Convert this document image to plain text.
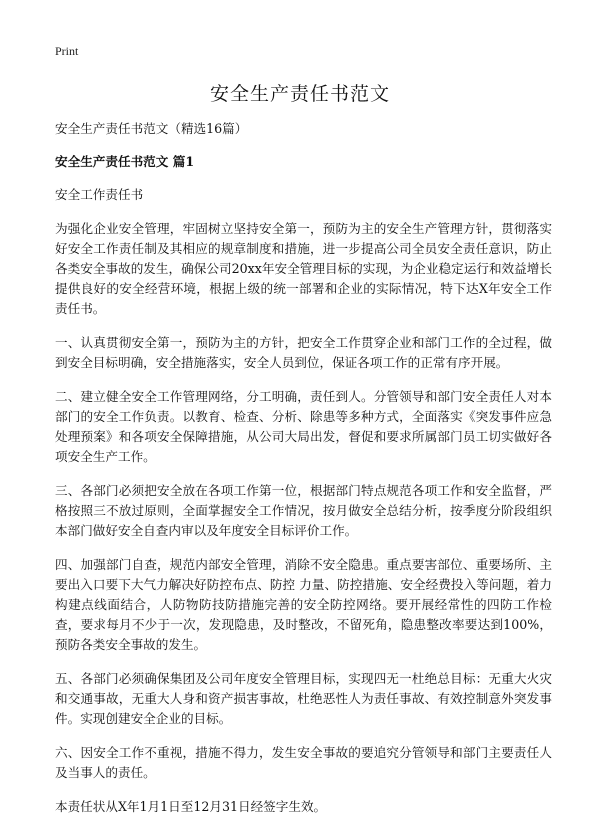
Print
安全生产责任书范文

安全生产责任书范文（精选16篇）

安全生产责任书范文 篇1

安全工作责任书

为强化企业安全管理，牢固树立坚持安全第一，预防为主的安全生产管理方针，贯彻落实好安全工作责任制及其相应的规章制度和措施，进一步提高公司全员安全责任意识，防止各类安全事故的发生，确保公司20xx年安全管理目标的实现，为企业稳定运行和效益增长提供良好的安全经营环境，根据上级的统一部署和企业的实际情况，特下达X年安全工作责任书。

一、认真贯彻安全第一，预防为主的方针，把安全工作贯穿企业和部门工作的全过程，做到安全目标明确，安全措施落实，安全人员到位，保证各项工作的正常有序开展。

二、建立健全安全工作管理网络，分工明确，责任到人。分管领导和部门安全责任人对本部门的安全工作负责。以教育、检查、分析、除患等多种方式，全面落实《突发事件应急处理预案》和各项安全保障措施，从公司大局出发，督促和要求所属部门员工切实做好各项安全生产工作。

三、各部门必须把安全放在各项工作第一位，根据部门特点规范各项工作和安全监督，严格按照三不放过原则，全面掌握安全工作情况，按月做安全总结分析，按季度分阶段组织本部门做好安全自查内审以及年度安全目标评价工作。

四、加强部门自查，规范内部安全管理，消除不安全隐患。重点要害部位、重要场所、主要出入口要下大气力解决好防控布点、防控 力量、防控措施、安全经费投入等问题，着力构建点线面结合，人防物防技防措施完善的安全防控网络。要开展经常性的四防工作检查，要求每月不少于一次，发现隐患，及时整改，不留死角，隐患整改率要达到100%，预防各类安全事故的发生。

五、各部门必须确保集团及公司年度安全管理目标，实现四无一杜绝总目标：无重大火灾和交通事故，无重大人身和资产损害事故，杜绝恶性人为责任事故、有效控制意外突发事件。实现创建安全企业的目标。

六、因安全工作不重视，措施不得力，发生安全事故的要追究分管领导和部门主要责任人及当事人的责任。

本责任状从X年1月1日至12月31日经签字生效。
